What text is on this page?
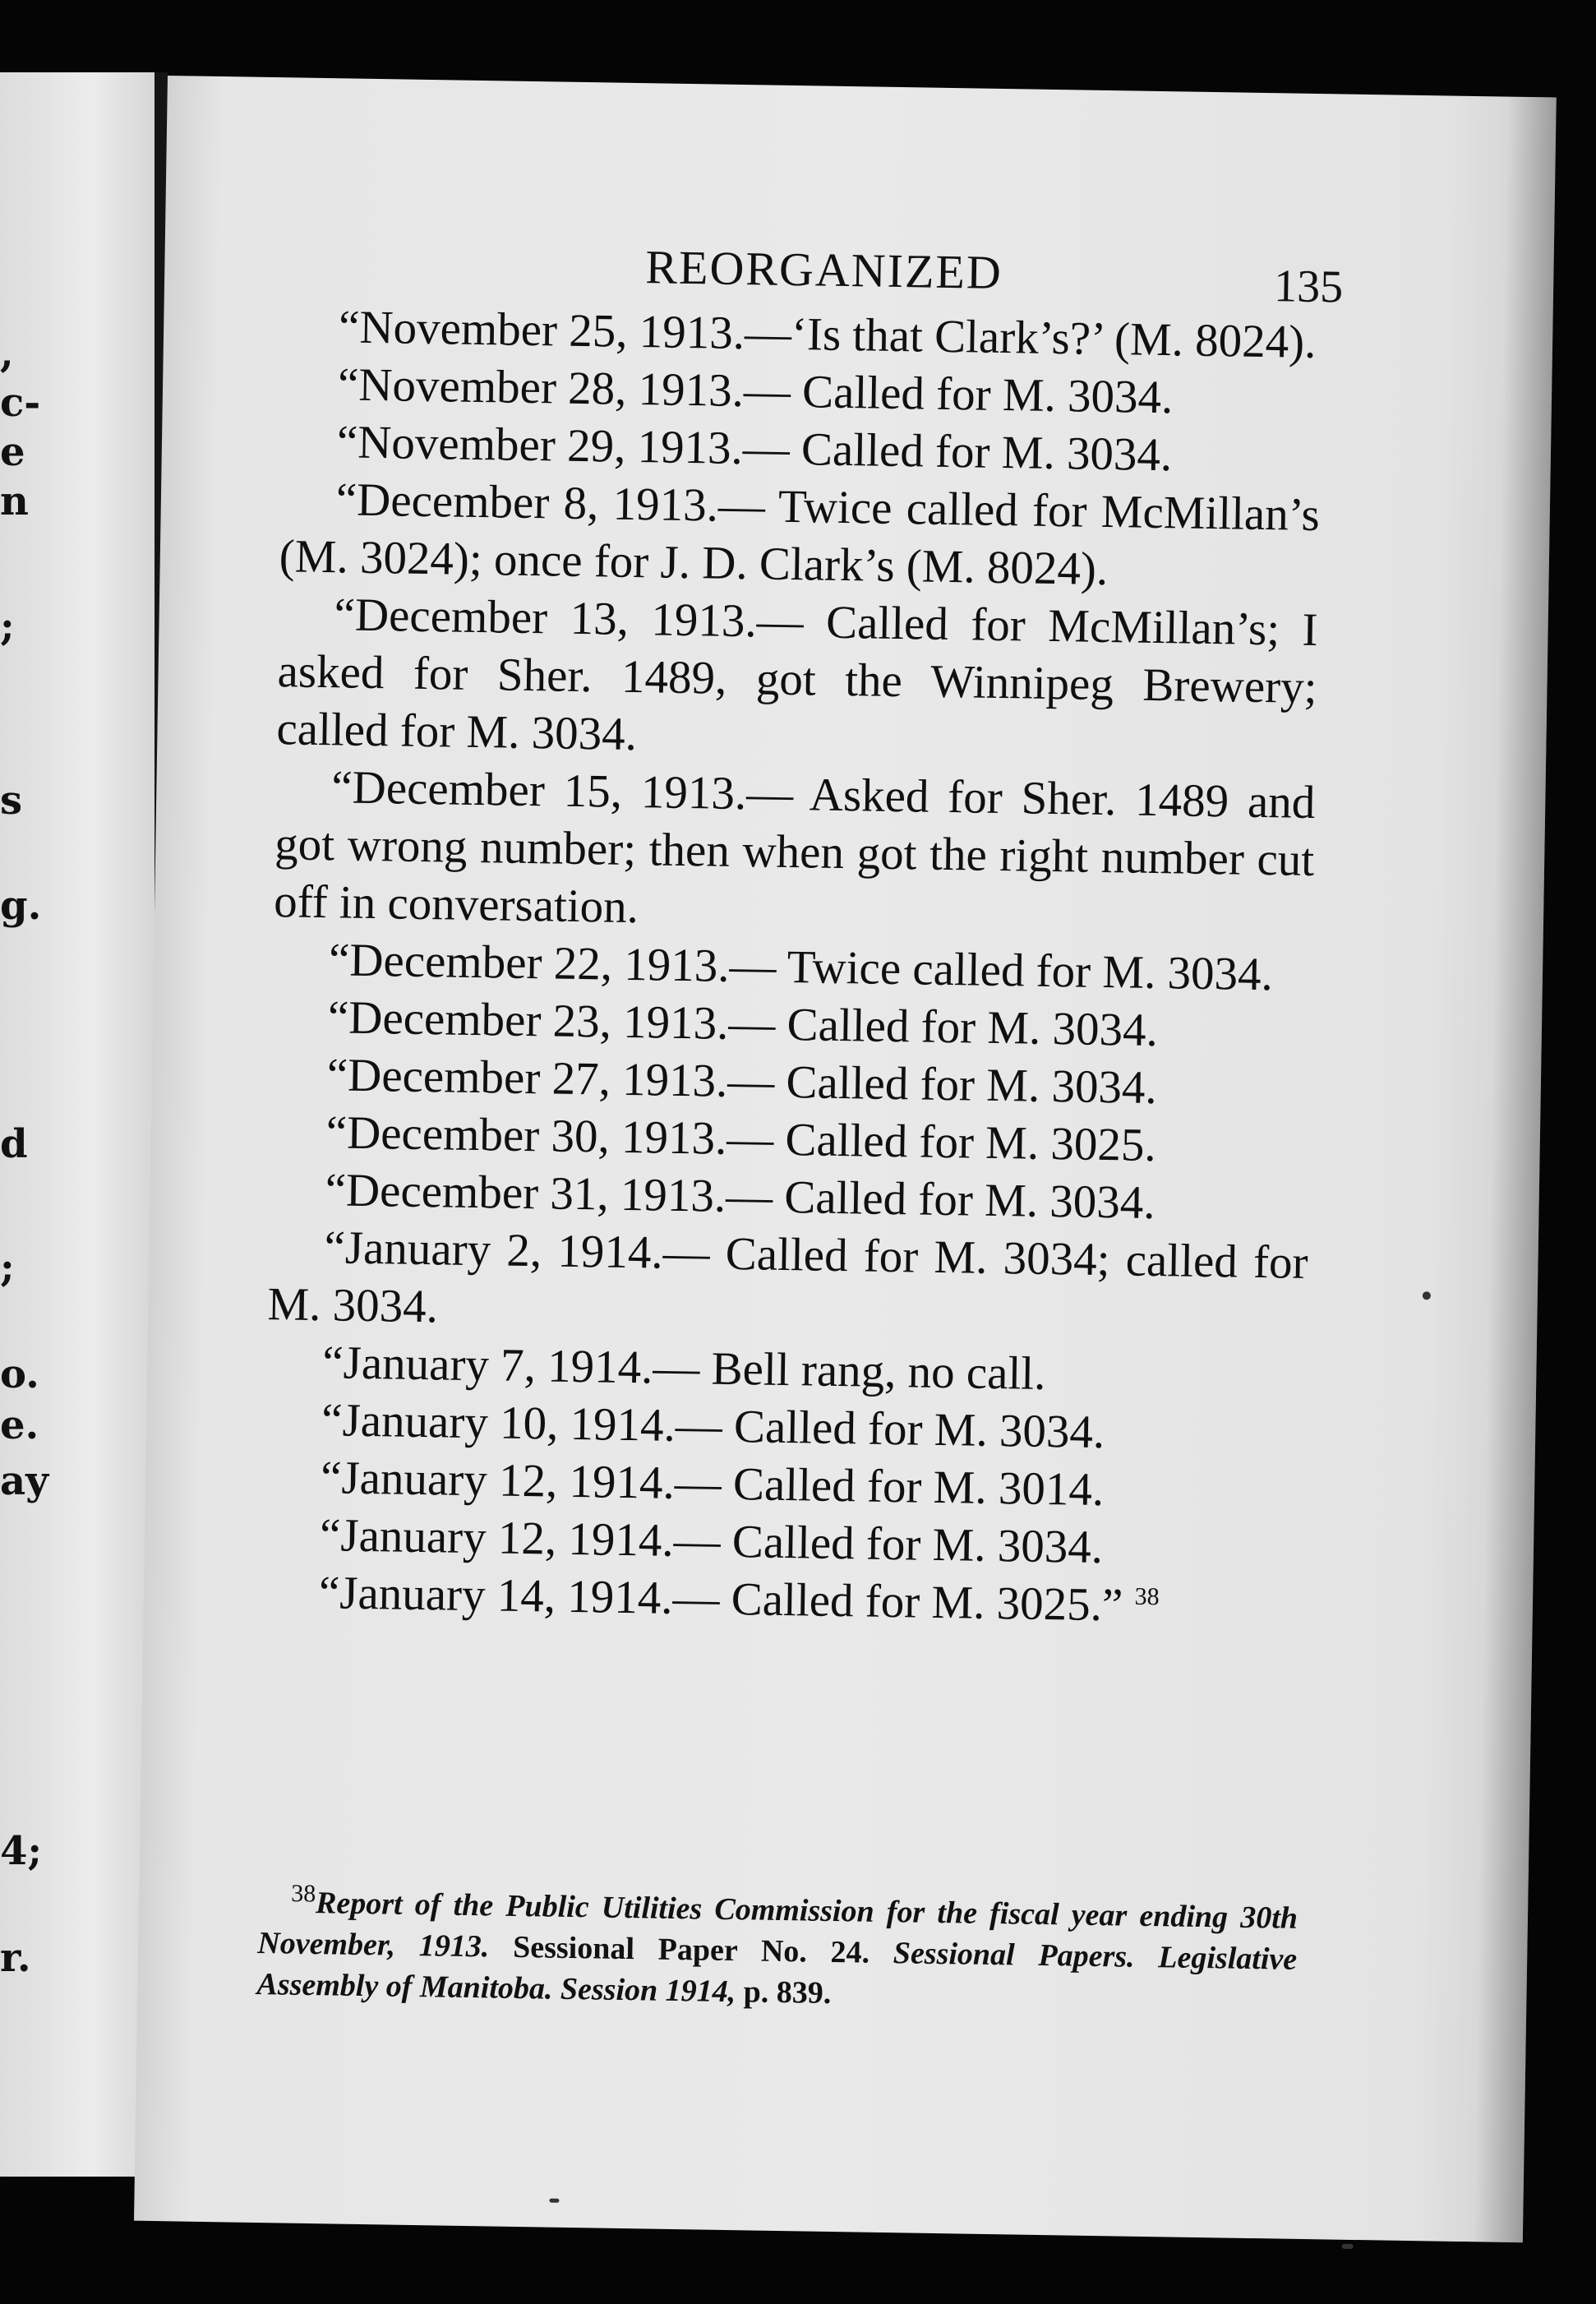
,
c-
e
n
;
s
g.
d
;
o.
e.
ay
4;
r.
REORGANIZED	135

“November 25, 1913.—‘Is that Clark’s?’ (M. 8024).

“November 28, 1913.— Called for M. 3034.

“November 29, 1913.— Called for M. 3034.

“December 8, 1913.— Twice called for McMillan’s (M. 3024); once for J. D. Clark’s (M. 8024).

“December 13, 1913.— Called for McMillan’s; I asked for Sher. 1489, got the Winnipeg Brewery; called for M. 3034.

“December 15, 1913.— Asked for Sher. 1489 and got wrong number; then when got the right number cut off in conversation.

“December 22, 1913.— Twice called for M. 3034.

“December 23, 1913.— Called for M. 3034.

“December 27, 1913.— Called for M. 3034.

“December 30, 1913.— Called for M. 3025.

“December 31, 1913.— Called for M. 3034.

“January 2, 1914.— Called for M. 3034; called for M. 3034.

“January 7, 1914.— Bell rang, no call.

“January 10, 1914.— Called for M. 3034.

“January 12, 1914.— Called for M. 3014.

“January 12, 1914.— Called for M. 3034.

“January 14, 1914.— Called for M. 3025.” $^{38}$

$^{38}$Report of the Public Utilities Commission for the fiscal year ending 30th November, 1913. Sessional Paper No. 24. Sessional Papers. Legislative Assembly of Manitoba. Session 1914, p. 839.
